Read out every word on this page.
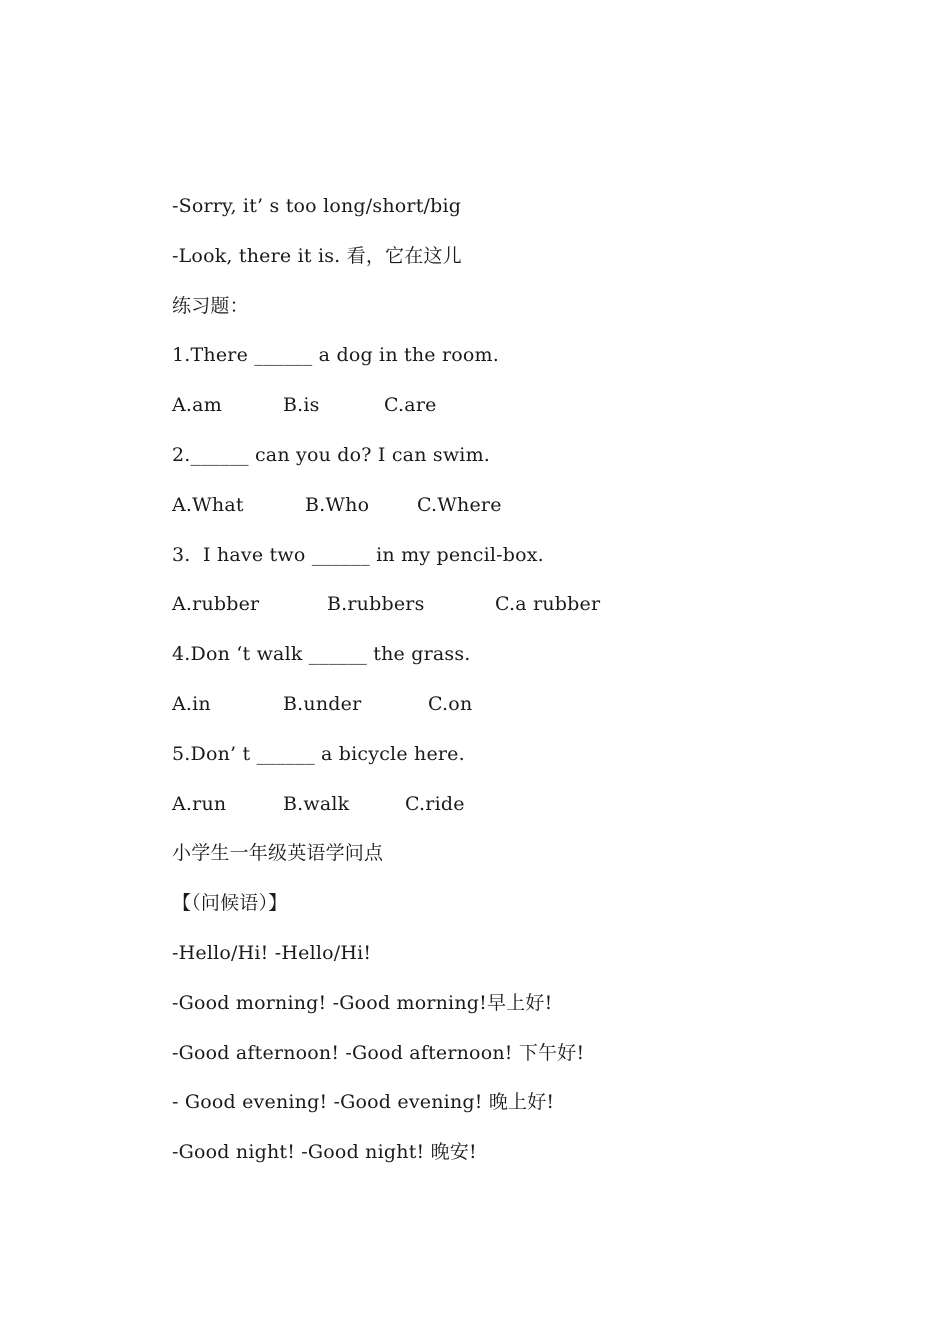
-Sorry, it’ s too long/short/big
-Look, there it is. 看，它在这儿
练习题：
1.There ______ a dog in the room.
A.am	B.is	C.are
2.______ can you do? I can swim.
A.What	B.Who	C.Where
3.  I have two ______ in my pencil-box.
A.rubber	B.rubbers	C.a rubber
4.Don ‘t walk ______ the grass.
A.in	B.under	C.on
5.Don’ t ______ a bicycle here.
A.run	B.walk	C.ride
小学生一年级英语学问点
【（问候语）】
-Hello/Hi! -Hello/Hi!
-Good morning! -Good morning!早上好!
-Good afternoon! -Good afternoon! 下午好!
- Good evening! -Good evening! 晚上好!
-Good night! -Good night! 晚安!
